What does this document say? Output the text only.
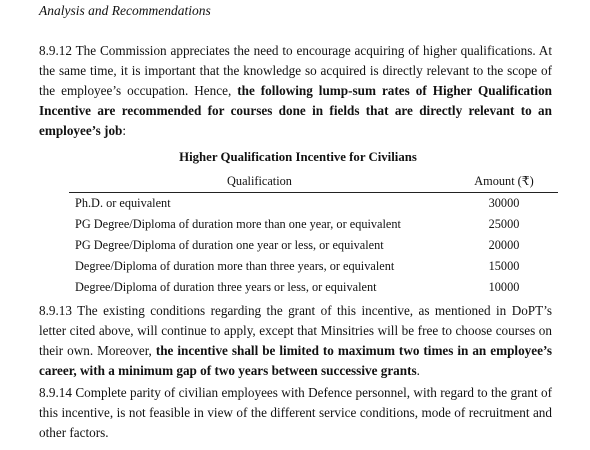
Analysis and Recommendations

8.9.12 The Commission appreciates the need to encourage acquiring of higher qualifications. At the same time, it is important that the knowledge so acquired is directly relevant to the scope of the employee’s occupation. Hence, the following lump-sum rates of Higher Qualification Incentive are recommended for courses done in fields that are directly relevant to an employee’s job:

Higher Qualification Incentive for Civilians

Qualification	Amount (₹)
Ph.D. or equivalent	30000
PG Degree/Diploma of duration more than one year, or equivalent	25000
PG Degree/Diploma of duration one year or less, or equivalent	20000
Degree/Diploma of duration more than three years, or equivalent	15000
Degree/Diploma of duration three years or less, or equivalent	10000

8.9.13 The existing conditions regarding the grant of this incentive, as mentioned in DoPT’s letter cited above, will continue to apply, except that Minsitries will be free to choose courses on their own. Moreover, the incentive shall be limited to maximum two times in an employee’s career, with a minimum gap of two years between successive grants.

8.9.14 Complete parity of civilian employees with Defence personnel, with regard to the grant of this incentive, is not feasible in view of the different service conditions, mode of recruitment and other factors.
